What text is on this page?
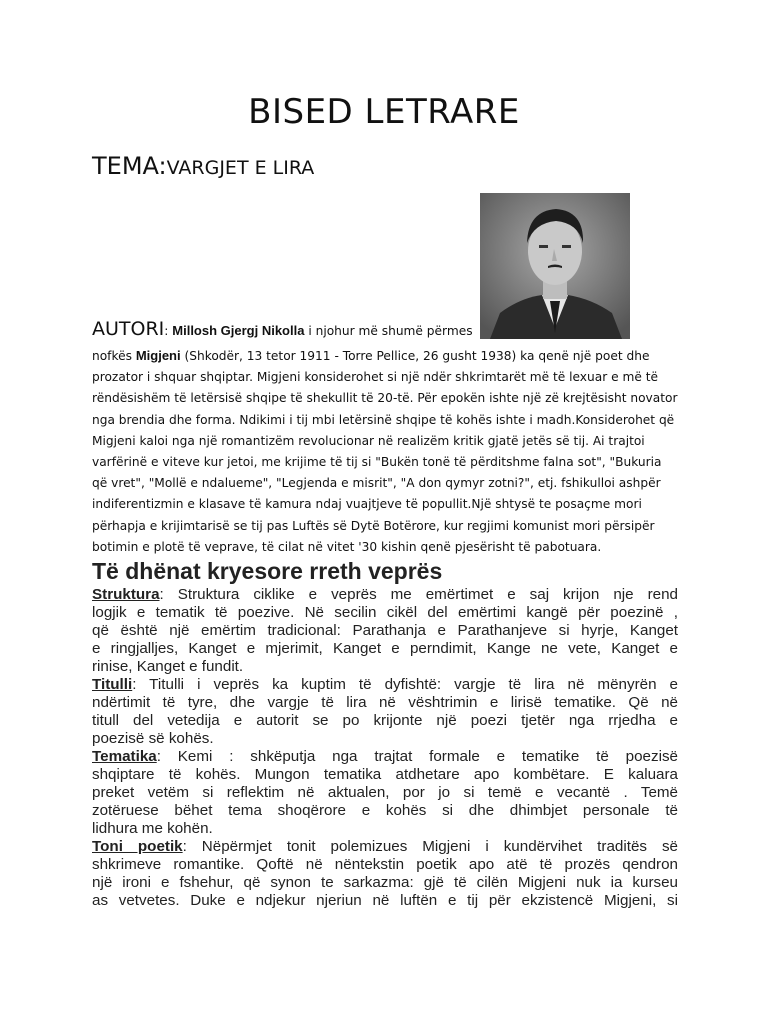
BISED LETRARE
TEMA:VARGJET E LIRA
AUTORI: Millosh Gjergj Nikolla i njohur më shumë përmes
nofkës Migjeni (Shkodër, 13 tetor 1911 - Torre Pellice, 26 gusht 1938) ka qenë një poet dhe
prozator i shquar shqiptar. Migjeni konsiderohet si një ndër shkrimtarët më të lexuar e më të
rëndësishëm të letërsisë shqipe të shekullit të 20-të. Për epokën ishte një zë krejtësisht novator
nga brendia dhe forma. Ndikimi i tij mbi letërsinë shqipe të kohës ishte i madh.Konsiderohet që
Migjeni kaloi nga një romantizëm revolucionar në realizëm kritik gjatë jetës së tij. Ai trajtoi
varfërinë e viteve kur jetoi, me krijime të tij si "Bukën tonë të përditshme falna sot", "Bukuria
që vret", "Mollë e ndalueme", "Legjenda e misrit", "A don qymyr zotni?", etj. fshikulloi ashpër
indiferentizmin e klasave të kamura ndaj vuajtjeve të popullit.Një shtysë te posaçme mori
përhapja e krijimtarisë se tij pas Luftës së Dytë Botërore, kur regjimi komunist mori përsipër
botimin e plotë të veprave, të cilat në vitet '30 kishin qenë pjesërisht të pabotuara.
Të dhënat kryesore rreth veprës
Struktura: Struktura ciklike e veprës me emërtimet e saj krijon nje rend
logjik e tematik të poezive. Në secilin cikël del emërtimi kangë për poezinë ,
që është një emërtim tradicional: Parathanja e Parathanjeve si hyrje, Kanget
e ringjalljes, Kanget e mjerimit, Kanget e perndimit, Kange ne vete, Kanget e
rinise, Kanget e fundit.
Titulli: Titulli i veprës ka kuptim të dyfishtë: vargje të lira në mënyrën e
ndërtimit të tyre, dhe vargje të lira në vështrimin e lirisë tematike. Që në
titull del vetedija e autorit se po krijonte një poezi tjetër nga rrjedha e
poezisë së kohës.
Tematika: Kemi : shkëputja nga trajtat formale e tematike të poezisë
shqiptare të kohës. Mungon tematika atdhetare apo kombëtare. E kaluara
preket vetëm si reflektim në aktualen, por jo si temë e vecantë . Temë
zotëruese bëhet tema shoqërore e kohës si dhe dhimbjet personale të
lidhura me kohën.
Toni poetik: Nëpërmjet tonit polemizues Migjeni i kundërvihet traditës së
shkrimeve romantike. Qoftë në nëntekstin poetik apo atë të prozës qendron
një ironi e fshehur, që synon te sarkazma: gjë të cilën Migjeni nuk ia kurseu
as vetvetes. Duke e ndjekur njeriun në luftën e tij për ekzistencë Migjeni, si
